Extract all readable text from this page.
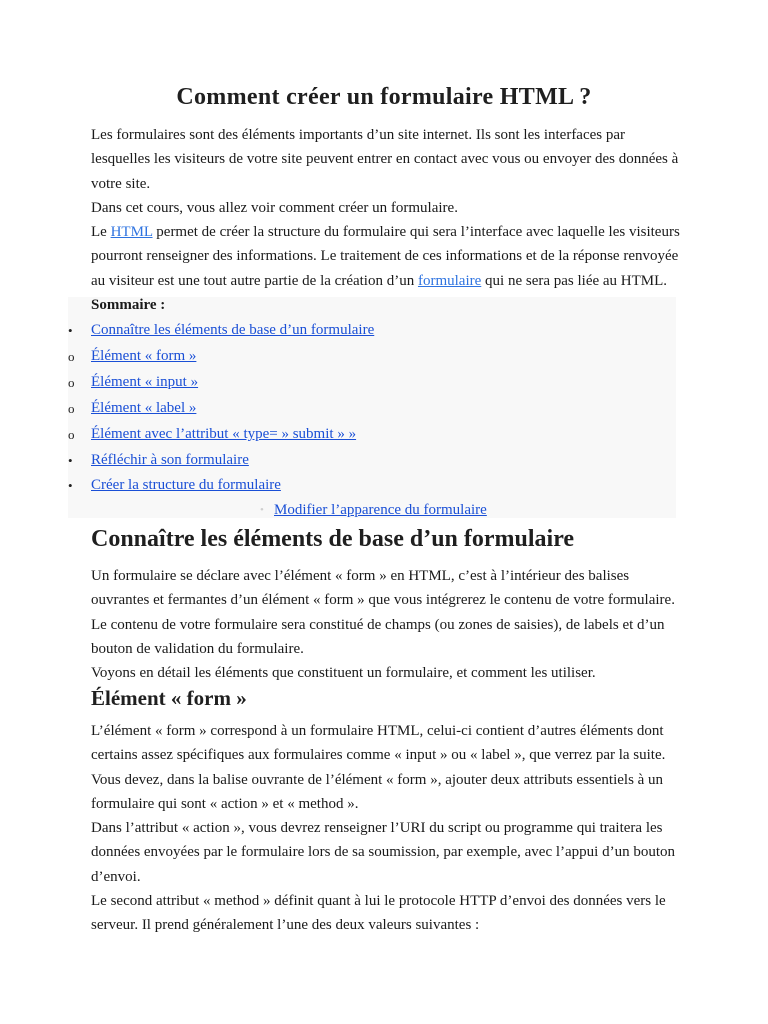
Comment créer un formulaire HTML ?

Les formulaires sont des éléments importants d’un site internet. Ils sont les interfaces par lesquelles les visiteurs de votre site peuvent entrer en contact avec vous ou envoyer des données à votre site.

Dans cet cours, vous allez voir comment créer un formulaire.

Le HTML permet de créer la structure du formulaire qui sera l’interface avec laquelle les visiteurs pourront renseigner des informations. Le traitement de ces informations et de la réponse renvoyée au visiteur est une tout autre partie de la création d’un formulaire qui ne sera pas liée au HTML.

Sommaire :
•	Connaître les éléments de base d’un formulaire
o	Élément « form »
o	Élément « input »
o	Élément « label »
o	Élément avec l’attribut « type= » submit » »
•	Réfléchir à son formulaire
•	Créer la structure du formulaire
• Modifier l’apparence du formulaire
Connaître les éléments de base d’un formulaire

Un formulaire se déclare avec l’élément « form » en HTML, c’est à l’intérieur des balises ouvrantes et fermantes d’un élément « form » que vous intégrerez le contenu de votre formulaire.

Le contenu de votre formulaire sera constitué de champs (ou zones de saisies), de labels et d’un bouton de validation du formulaire.

Voyons en détail les éléments que constituent un formulaire, et comment les utiliser.

Élément « form »

L’élément « form » correspond à un formulaire HTML, celui-ci contient d’autres éléments dont certains assez spécifiques aux formulaires comme « input » ou « label », que verrez par la suite.

Vous devez, dans la balise ouvrante de l’élément « form », ajouter deux attributs essentiels à un formulaire qui sont « action » et « method ».

Dans l’attribut « action », vous devrez renseigner l’URI du script ou programme qui traitera les données envoyées par le formulaire lors de sa soumission, par exemple, avec l’appui d’un bouton d’envoi.

Le second attribut « method » définit quant à lui le protocole HTTP d’envoi des données vers le serveur. Il prend généralement l’une des deux valeurs suivantes :
